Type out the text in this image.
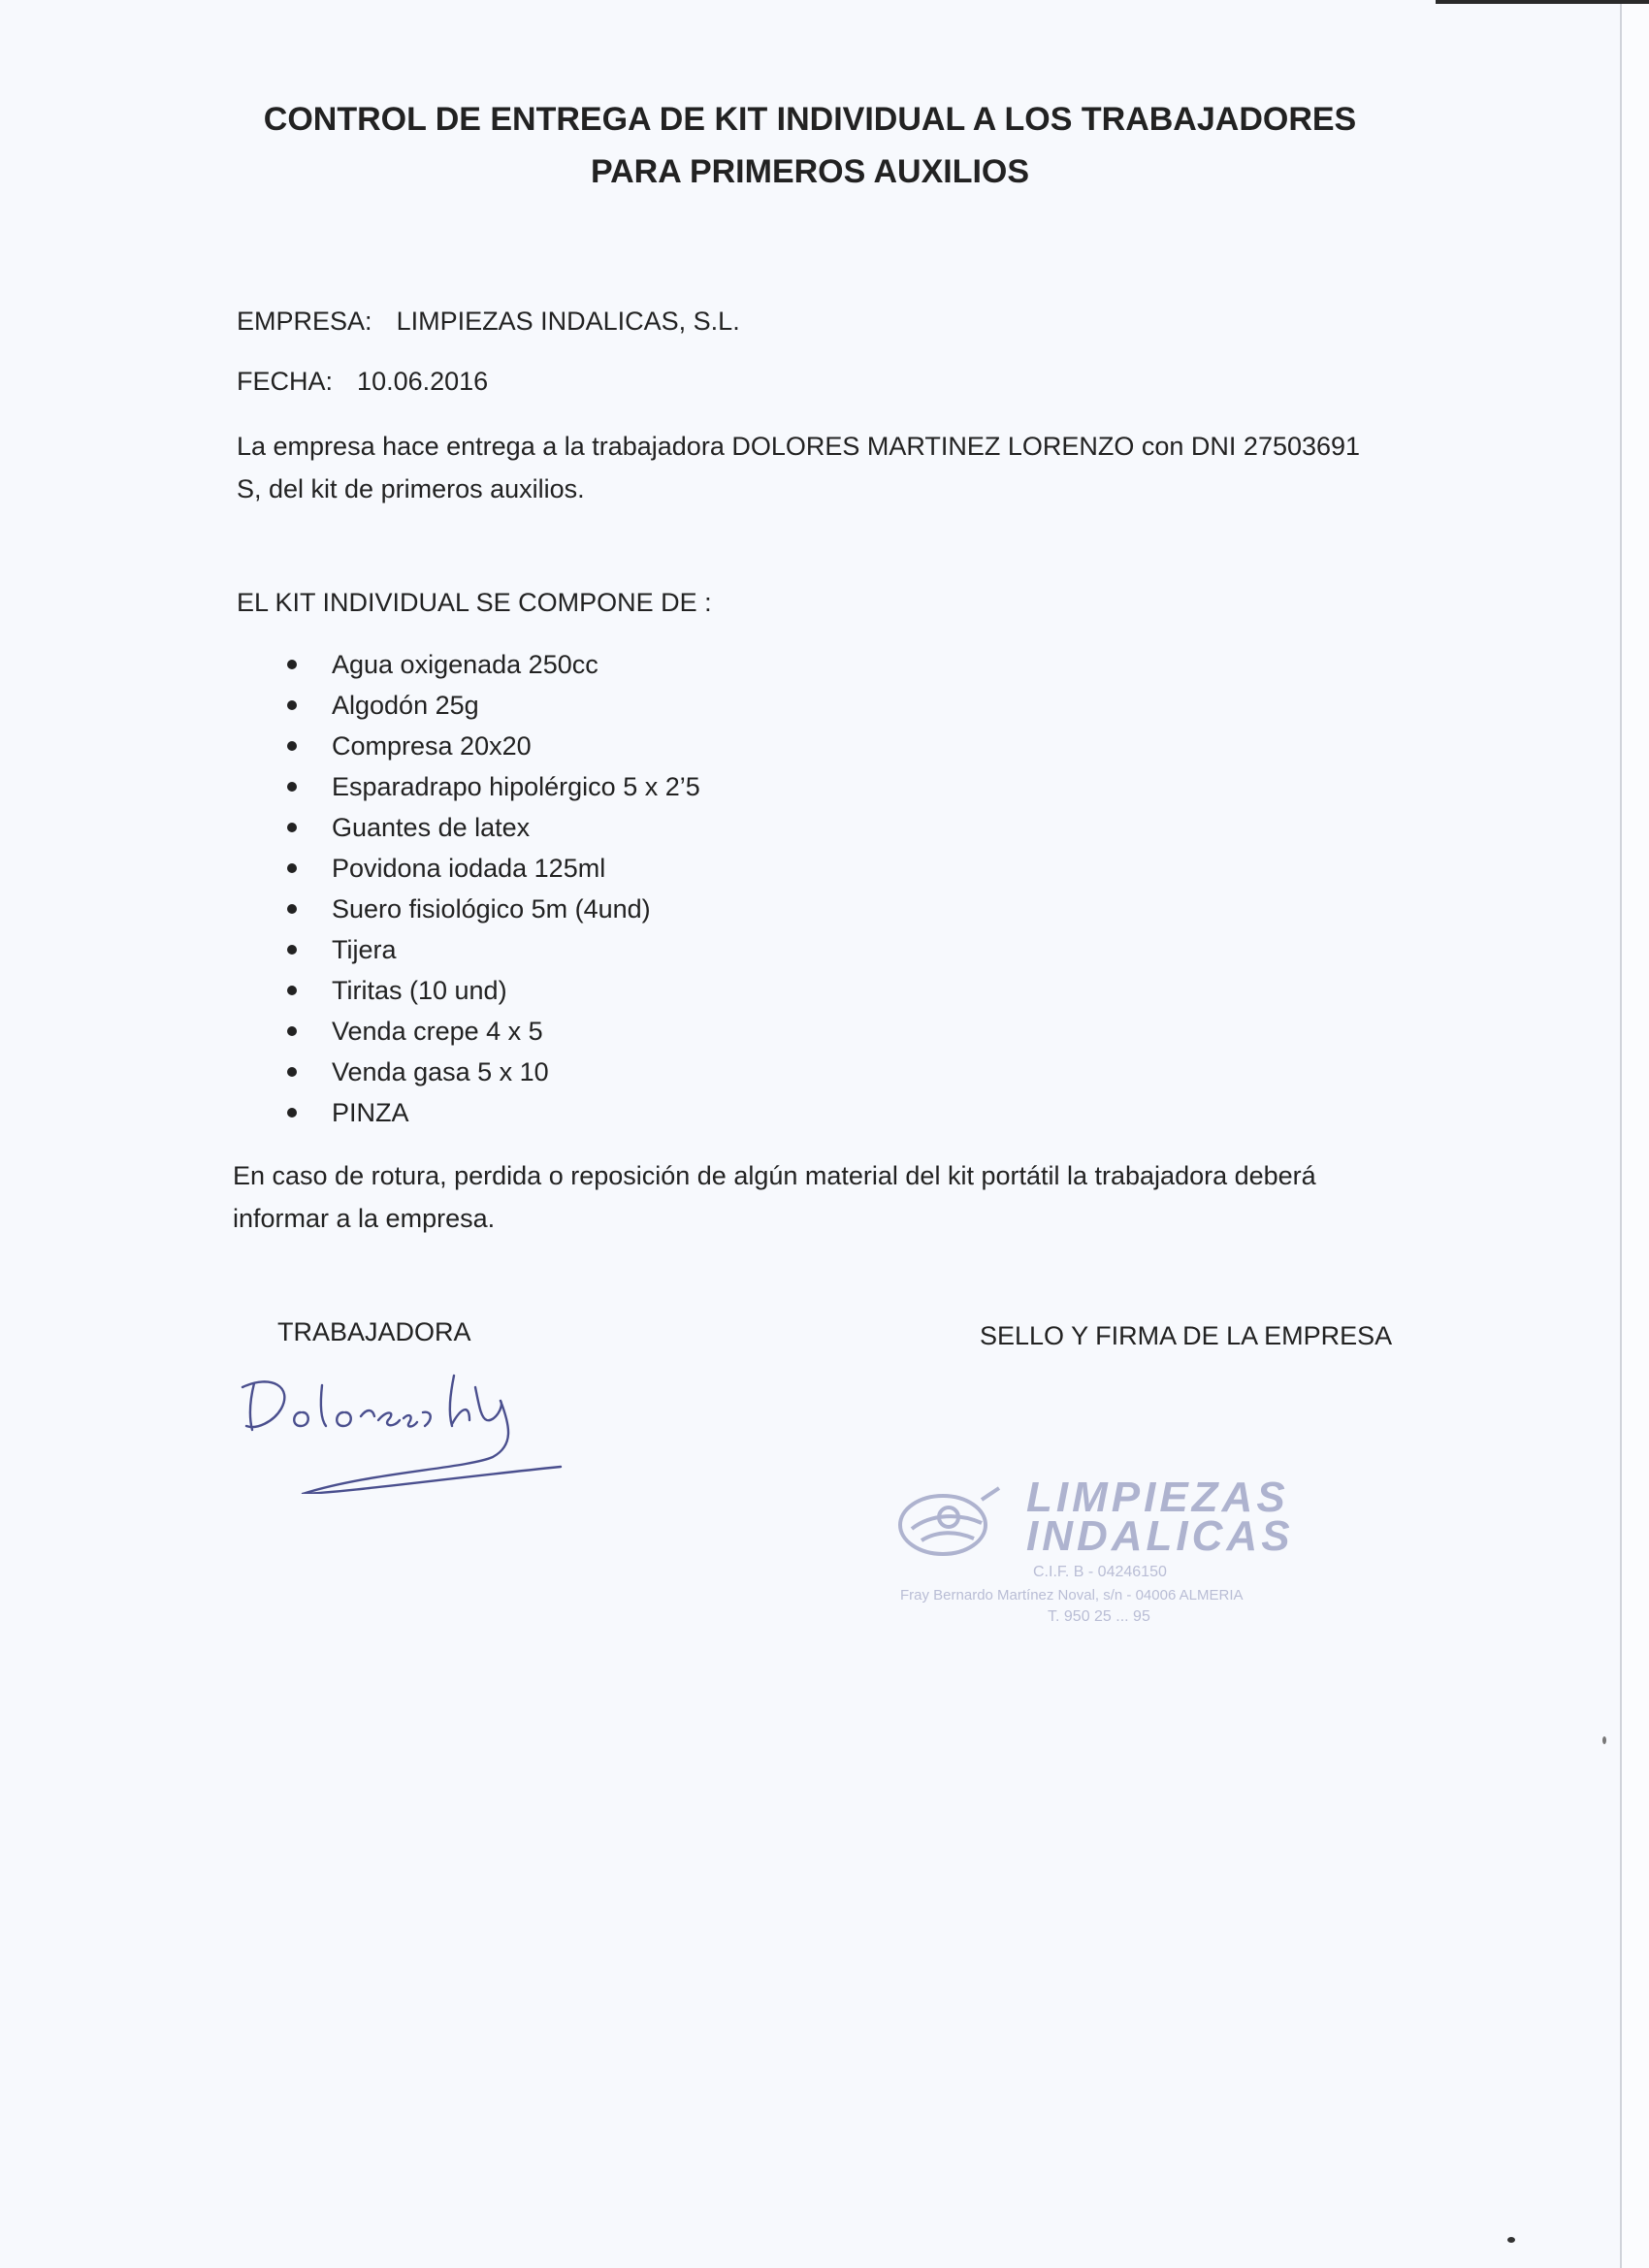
CONTROL DE ENTREGA DE KIT INDIVIDUAL A LOS TRABAJADORES
PARA PRIMEROS AUXILIOS
EMPRESA: LIMPIEZAS INDALICAS, S.L.
FECHA: 10.06.2016
La empresa hace entrega a la trabajadora DOLORES MARTINEZ LORENZO con DNI 27503691 S, del kit de primeros auxilios.
EL KIT INDIVIDUAL SE COMPONE DE :
Agua oxigenada 250cc
Algodón 25g
Compresa 20x20
Esparadrapo hipolérgico 5 x 2’5
Guantes de latex
Povidona iodada 125ml
Suero fisiológico 5m (4und)
Tijera
Tiritas (10 und)
Venda crepe 4 x 5
Venda gasa 5 x 10
PINZA
En caso de rotura, perdida o reposición de algún material del kit portátil la trabajadora deberá informar a la empresa.
TRABAJADORA	SELLO Y FIRMA DE LA EMPRESA
LIMPIEZAS
INDALICAS
C.I.F. B - 04246150
Fray Bernardo Martínez Noval, s/n - 04006 ALMERIA
T. 950 25 ... 95
